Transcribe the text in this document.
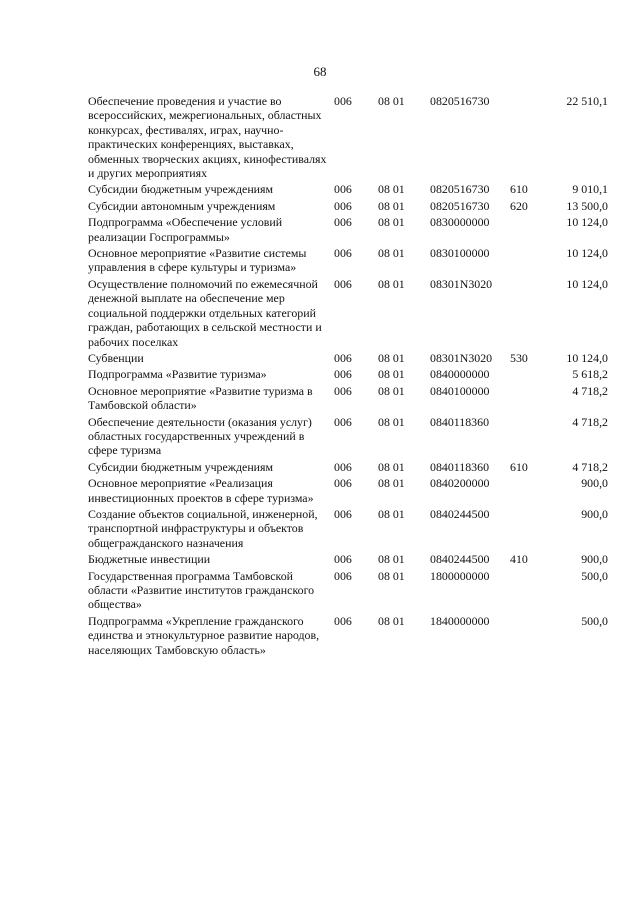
68
Обеспечение проведения и участие во всероссийских, межрегиональных, областных конкурсах, фестивалях, играх, научно-практических конференциях, выставках, обменных творческих акциях, кинофестивалях и других мероприятиях	006	08 01	0820516730		22 510,1
Субсидии бюджетным учреждениям	006	08 01	0820516730	610	9 010,1
Субсидии автономным учреждениям	006	08 01	0820516730	620	13 500,0
Подпрограмма «Обеспечение условий реализации Госпрограммы»	006	08 01	0830000000		10 124,0
Основное мероприятие «Развитие системы управления в сфере культуры и туризма»	006	08 01	0830100000		10 124,0
Осуществление полномочий по ежемесячной денежной выплате на обеспечение мер социальной поддержки отдельных категорий граждан, работающих в сельской местности и рабочих поселках	006	08 01	08301N3020		10 124,0
Субвенции	006	08 01	08301N3020	530	10 124,0
Подпрограмма «Развитие туризма»	006	08 01	0840000000		5 618,2
Основное мероприятие «Развитие туризма в Тамбовской области»	006	08 01	0840100000		4 718,2
Обеспечение деятельности (оказания услуг) областных государственных учреждений в сфере туризма	006	08 01	0840118360		4 718,2
Субсидии бюджетным учреждениям	006	08 01	0840118360	610	4 718,2
Основное мероприятие «Реализация инвестиционных проектов в сфере туризма»	006	08 01	0840200000		900,0
Создание объектов социальной, инженерной, транспортной инфраструктуры и объектов общегражданского назначения	006	08 01	0840244500		900,0
Бюджетные инвестиции	006	08 01	0840244500	410	900,0
Государственная программа Тамбовской области «Развитие институтов гражданского общества»	006	08 01	1800000000		500,0
Подпрограмма «Укрепление гражданского единства и этнокультурное развитие народов, населяющих Тамбовскую область»	006	08 01	1840000000		500,0
